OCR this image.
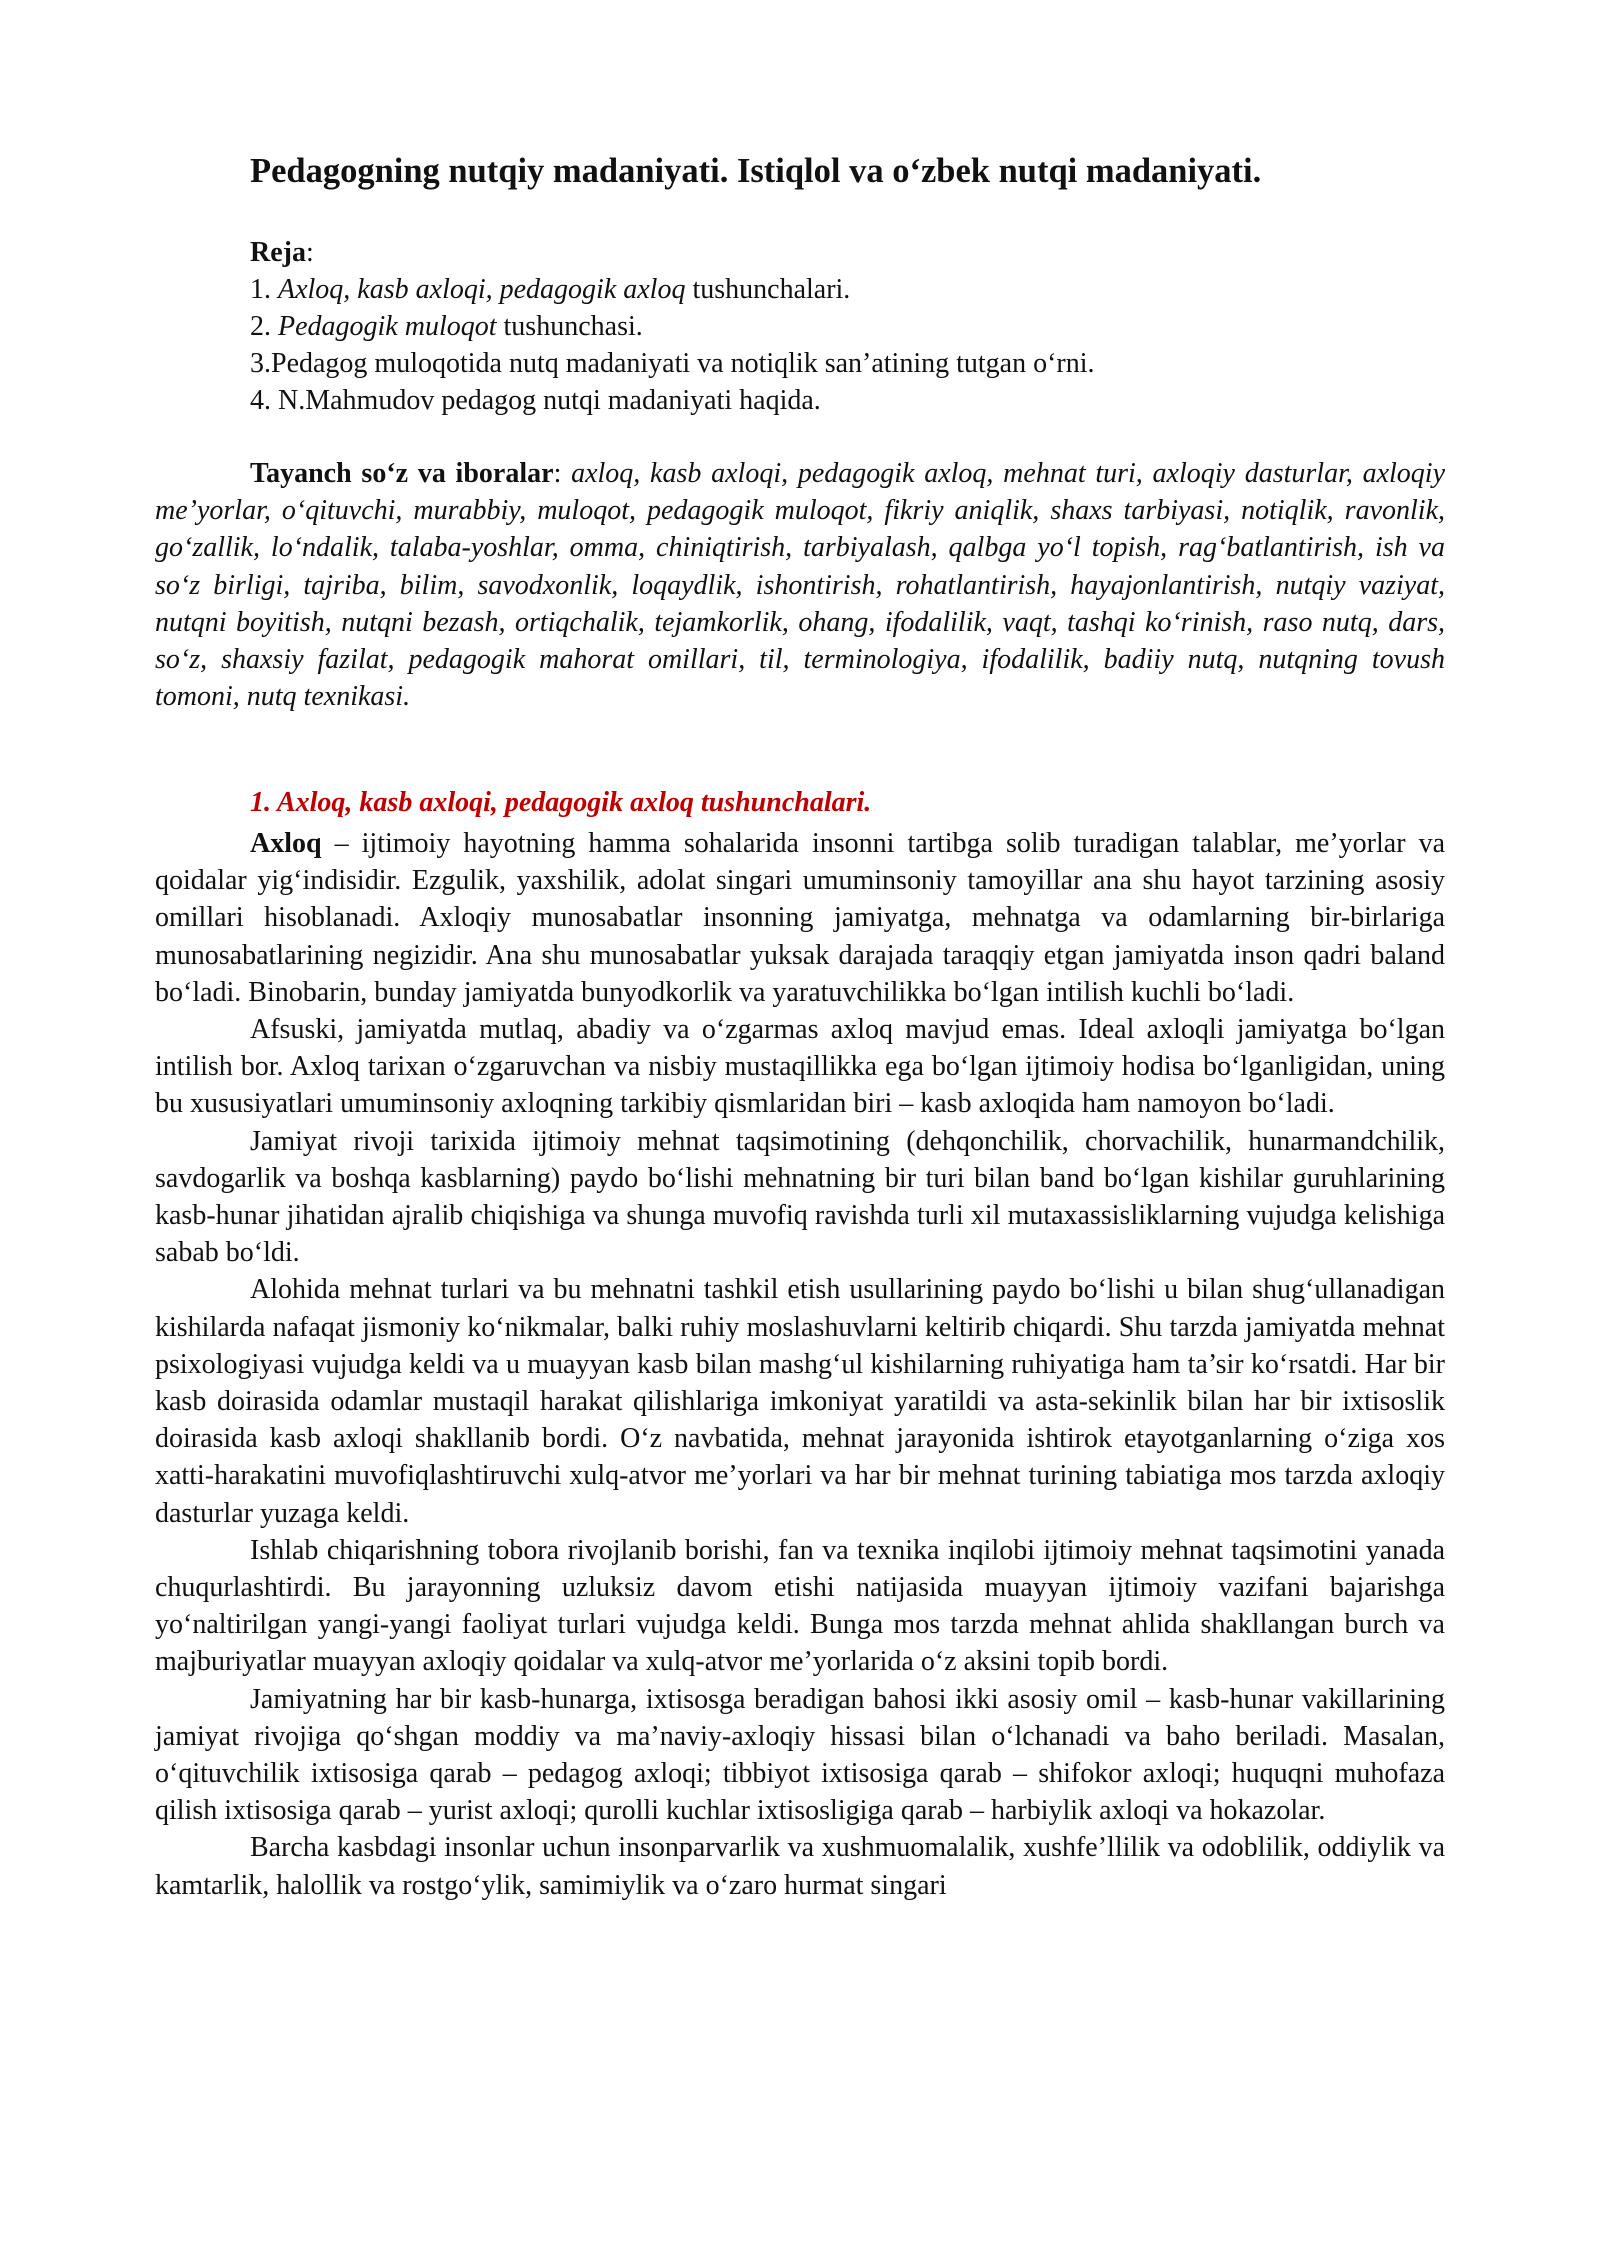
Pedagogning nutqiy madaniyati. Istiqlol va o‘zbek nutqi madaniyati.
Reja:
1. Axloq, kasb axloqi, pedagogik axloq tushunchalari.
2. Pedagogik muloqot tushunchasi.
3.Pedagog muloqotida nutq madaniyati va notiqlik san’atining tutgan o‘rni.
4. N.Mahmudov pedagog nutqi madaniyati haqida.

Tayanch so‘z va iboralar: axloq, kasb axloqi, pedagogik axloq, mehnat turi, axloqiy dasturlar, axloqiy me’yorlar, o‘qituvchi, murabbiy, muloqot, pedagogik muloqot, fikriy aniqlik, shaxs tarbiyasi, notiqlik, ravonlik, go‘zallik, lo‘ndalik, talaba-yoshlar, omma, chiniqtirish, tarbiyalash, qalbga yo‘l topish, rag‘batlantirish, ish va so‘z birligi, tajriba, bilim, savodxonlik, loqaydlik, ishontirish, rohatlantirish, hayajonlantirish, nutqiy vaziyat, nutqni boyitish, nutqni bezash, ortiqchalik, tejamkorlik, ohang, ifodalilik, vaqt, tashqi ko‘rinish, raso nutq, dars, so‘z, shaxsiy fazilat, pedagogik mahorat omillari, til, terminologiya, ifodalilik, badiiy nutq, nutqning tovush tomoni, nutq texnikasi.

1. Axloq, kasb axloqi, pedagogik axloq tushunchalari.

Axloq – ijtimoiy hayotning hamma sohalarida insonni tartibga solib turadigan talablar, me’yorlar va qoidalar yig‘indisidir. Ezgulik, yaxshilik, adolat singari umuminsoniy tamoyillar ana shu hayot tarzining asosiy omillari hisoblanadi. Axloqiy munosabatlar insonning jamiyatga, mehnatga va odamlarning bir-birlariga munosabatlarining negizidir. Ana shu munosabatlar yuksak darajada taraqqiy etgan jamiyatda inson qadri baland bo‘ladi. Binobarin, bunday jamiyatda bunyodkorlik va yaratuvchilikka bo‘lgan intilish kuchli bo‘ladi.

Afsuski, jamiyatda mutlaq, abadiy va o‘zgarmas axloq mavjud emas. Ideal axloqli jamiyatga bo‘lgan intilish bor. Axloq tarixan o‘zgaruvchan va nisbiy mustaqillikka ega bo‘lgan ijtimoiy hodisa bo‘lganligidan, uning bu xususiyatlari umuminsoniy axloqning tarkibiy qismlaridan biri – kasb axloqida ham namoyon bo‘ladi.

Jamiyat rivoji tarixida ijtimoiy mehnat taqsimotining (dehqonchilik, chorvachilik, hunarmandchilik, savdogarlik va boshqa kasblarning) paydo bo‘lishi mehnatning bir turi bilan band bo‘lgan kishilar guruhlarining kasb-hunar jihatidan ajralib chiqishiga va shunga muvofiq ravishda turli xil mutaxassisliklarning vujudga kelishiga sabab bo‘ldi.

Alohida mehnat turlari va bu mehnatni tashkil etish usullarining paydo bo‘lishi u bilan shug‘ullanadigan kishilarda nafaqat jismoniy ko‘nikmalar, balki ruhiy moslashuvlarni keltirib chiqardi. Shu tarzda jamiyatda mehnat psixologiyasi vujudga keldi va u muayyan kasb bilan mashg‘ul kishilarning ruhiyatiga ham ta’sir ko‘rsatdi. Har bir kasb doirasida odamlar mustaqil harakat qilishlariga imkoniyat yaratildi va asta-sekinlik bilan har bir ixtisoslik doirasida kasb axloqi shakllanib bordi. O‘z navbatida, mehnat jarayonida ishtirok etayotganlarning o‘ziga xos xatti-harakatini muvofiqlashtiruvchi xulq-atvor me’yorlari va har bir mehnat turining tabiatiga mos tarzda axloqiy dasturlar yuzaga keldi.

Ishlab chiqarishning tobora rivojlanib borishi, fan va texnika inqilobi ijtimoiy mehnat taqsimotini yanada chuqurlashtirdi. Bu jarayonning uzluksiz davom etishi natijasida muayyan ijtimoiy vazifani bajarishga yo‘naltirilgan yangi-yangi faoliyat turlari vujudga keldi. Bunga mos tarzda mehnat ahlida shakllangan burch va majburiyatlar muayyan axloqiy qoidalar va xulq-atvor me’yorlarida o‘z aksini topib bordi.

Jamiyatning har bir kasb-hunarga, ixtisosga beradigan bahosi ikki asosiy omil – kasb-hunar vakillarining jamiyat rivojiga qo‘shgan moddiy va ma’naviy-axloqiy hissasi bilan o‘lchanadi va baho beriladi. Masalan, o‘qituvchilik ixtisosiga qarab – pedagog axloqi; tibbiyot ixtisosiga qarab – shifokor axloqi; huquqni muhofaza qilish ixtisosiga qarab – yurist axloqi; qurolli kuchlar ixtisosligiga qarab – harbiylik axloqi va hokazolar.

Barcha kasbdagi insonlar uchun insonparvarlik va xushmuomalalik, xushfe’llilik va odoblilik, oddiylik va kamtarlik, halollik va rostgo‘ylik, samimiylik va o‘zaro hurmat singari
